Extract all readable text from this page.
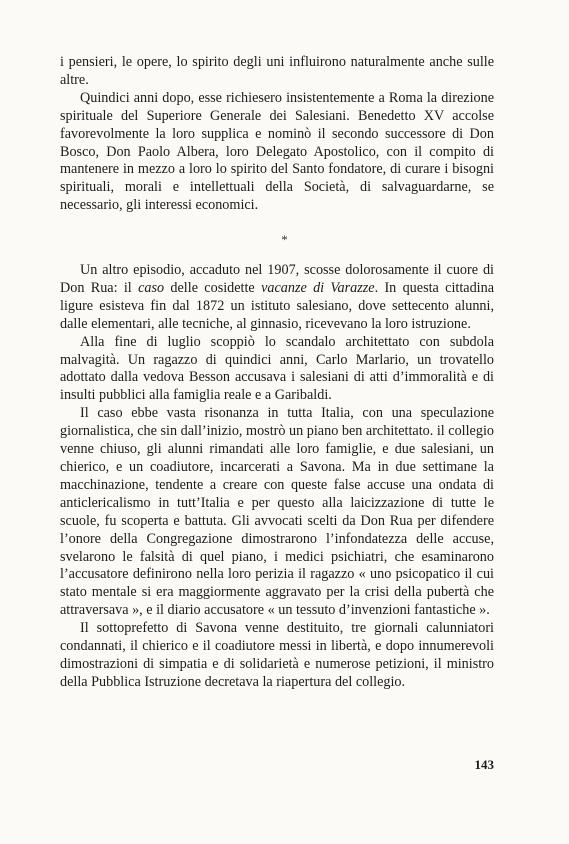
i pensieri, le opere, lo spirito degli uni influirono naturalmente anche sulle altre.

Quindici anni dopo, esse richiesero insistentemente a Roma la direzione spirituale del Superiore Generale dei Salesiani. Benedetto XV accolse favorevolmente la loro supplica e nominò il secondo successore di Don Bosco, Don Paolo Albera, loro Delegato Apostolico, con il compito di mantenere in mezzo a loro lo spirito del Santo fondatore, di curare i bisogni spirituali, morali e intellettuali della Società, di salvaguardarne, se necessario, gli interessi economici.

*

Un altro episodio, accaduto nel 1907, scosse dolorosamente il cuore di Don Rua: il caso delle cosidette vacanze di Varazze. In questa cittadina ligure esisteva fin dal 1872 un istituto salesiano, dove settecento alunni, dalle elementari, alle tecniche, al ginnasio, ricevevano la loro istruzione.

Alla fine di luglio scoppiò lo scandalo architettato con subdola malvagità. Un ragazzo di quindici anni, Carlo Marlario, un trovatello adottato dalla vedova Besson accusava i salesiani di atti d’immoralità e di insulti pubblici alla famiglia reale e a Garibaldi.

Il caso ebbe vasta risonanza in tutta Italia, con una speculazione giornalistica, che sin dall’inizio, mostrò un piano ben architettato. il collegio venne chiuso, gli alunni rimandati alle loro famiglie, e due salesiani, un chierico, e un coadiutore, incarcerati a Savona. Ma in due settimane la macchinazione, tendente a creare con queste false accuse una ondata di anticlericalismo in tutt’Italia e per questo alla laicizzazione di tutte le scuole, fu scoperta e battuta. Gli avvocati scelti da Don Rua per difendere l’onore della Congregazione dimostrarono l’infondatezza delle accuse, svelarono le falsità di quel piano, i medici psichiatri, che esaminarono l’accusatore definirono nella loro perizia il ragazzo « uno psicopatico il cui stato mentale si era maggiormente aggravato per la crisi della pubertà che attraversava », e il diario accusatore « un tessuto d’invenzioni fantastiche ».

Il sottoprefetto di Savona venne destituito, tre giornali calunniatori condannati, il chierico e il coadiutore messi in libertà, e dopo innumerevoli dimostrazioni di simpatia e di solidarietà e numerose petizioni, il ministro della Pubblica Istruzione decretava la riapertura del collegio.

143
